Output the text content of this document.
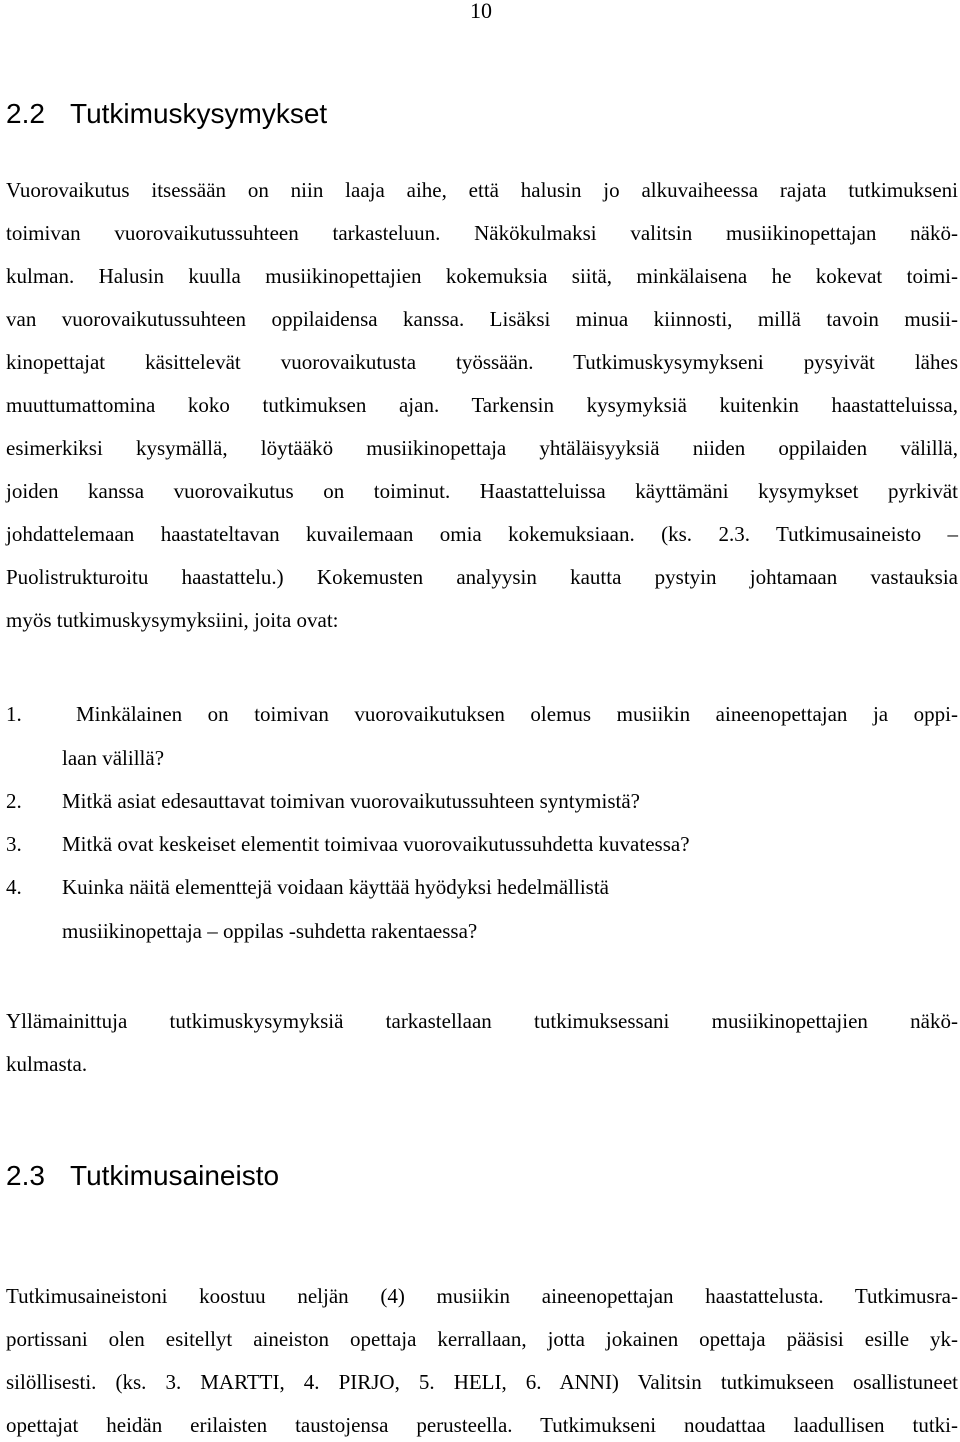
10
2.2 Tutkimuskysymykset
Vuorovaikutus itsessään on niin laaja aihe, että halusin jo alkuvaiheessa rajata tutkimukseni
toimivan vuorovaikutussuhteen tarkasteluun. Näkökulmaksi valitsin musiikinopettajan näkö-
kulman. Halusin kuulla musiikinopettajien kokemuksia siitä, minkälaisena he kokevat toimi-
van vuorovaikutussuhteen oppilaidensa kanssa. Lisäksi minua kiinnosti, millä tavoin musii-
kinopettajat käsittelevät vuorovaikutusta työssään. Tutkimuskysymykseni pysyivät lähes
muuttumattomina koko tutkimuksen ajan. Tarkensin kysymyksiä kuitenkin haastatteluissa,
esimerkiksi kysymällä, löytääkö musiikinopettaja yhtäläisyyksiä niiden oppilaiden välillä,
joiden kanssa vuorovaikutus on toiminut. Haastatteluissa käyttämäni kysymykset pyrkivät
johdattelemaan haastateltavan kuvailemaan omia kokemuksiaan. (ks. 2.3. Tutkimusaineisto –
Puolistrukturoitu haastattelu.) Kokemusten analyysin kautta pystyin johtamaan vastauksia
myös tutkimuskysymyksiini, joita ovat:
1.	Minkälainen on toimivan vuorovaikutuksen olemus musiikin aineenopettajan ja oppi-
laan välillä?
2. Mitkä asiat edesauttavat toimivan vuorovaikutussuhteen syntymistä?
3. Mitkä ovat keskeiset elementit toimivaa vuorovaikutussuhdetta kuvatessa?
4. Kuinka näitä elementtejä voidaan käyttää hyödyksi hedelmällistä
musiikinopettaja – oppilas -suhdetta rakentaessa?
Yllämainittuja tutkimuskysymyksiä tarkastellaan tutkimuksessani musiikinopettajien näkö-
kulmasta.
2.3 Tutkimusaineisto
Tutkimusaineistoni koostuu neljän (4) musiikin aineenopettajan haastattelusta. Tutkimusra-
portissani olen esitellyt aineiston opettaja kerrallaan, jotta jokainen opettaja pääsisi esille yk-
silöllisesti. (ks. 3. MARTTI, 4. PIRJO, 5. HELI, 6. ANNI) Valitsin tutkimukseen osallistuneet
opettajat heidän erilaisten taustojensa perusteella. Tutkimukseni noudattaa laadullisen tutki-
